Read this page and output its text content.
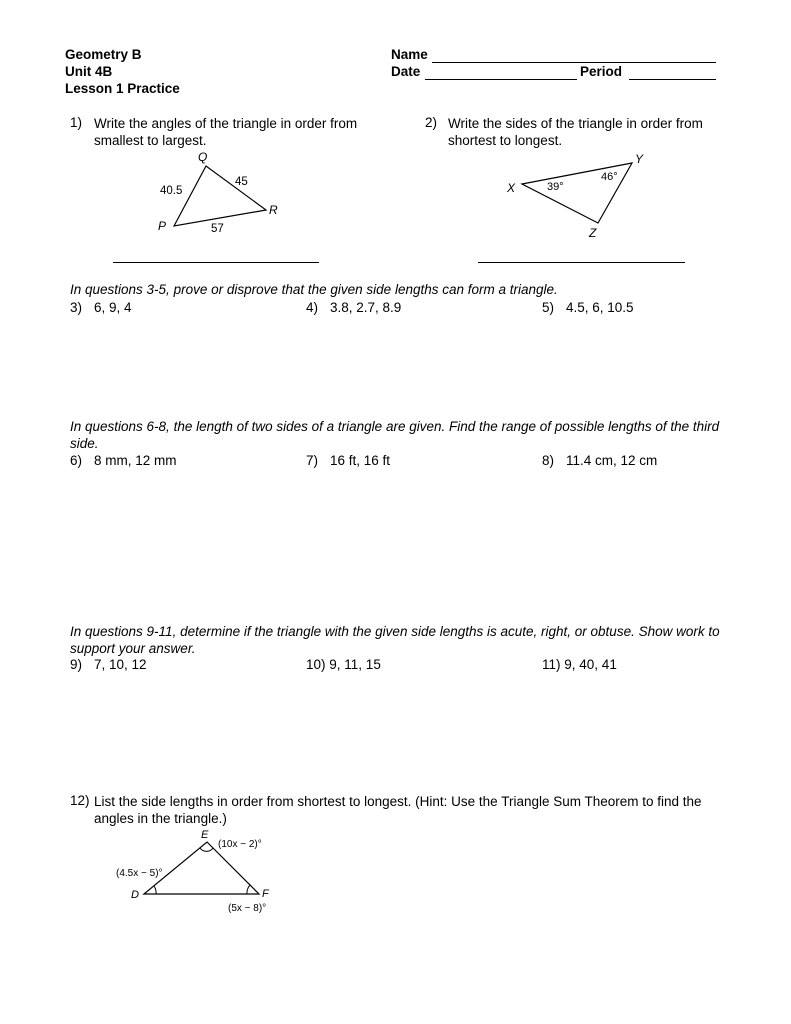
Geometry B
Unit 4B
Lesson 1 Practice
Name
Date	Period
1) Write the angles of the triangle in order from smallest to largest.
Q
P
R
40.5
45
57
2) Write the sides of the triangle in order from shortest to longest.
X
Y
Z
39°
46°
In questions 3-5, prove or disprove that the given side lengths can form a triangle.
3) 6, 9, 4	4) 3.8, 2.7, 8.9	5) 4.5, 6, 10.5
In questions 6-8, the length of two sides of a triangle are given. Find the range of possible lengths of the third side.
6) 8 mm, 12 mm	7) 16 ft, 16 ft	8) 11.4 cm, 12 cm
In questions 9-11, determine if the triangle with the given side lengths is acute, right, or obtuse. Show work to support your answer.
9) 7, 10, 12	10) 9, 11, 15	11) 9, 40, 41
12) List the side lengths in order from shortest to longest. (Hint: Use the Triangle Sum Theorem to find the angles in the triangle.)
E
D	F
(10x − 2)°
(4.5x − 5)°
(5x − 8)°
